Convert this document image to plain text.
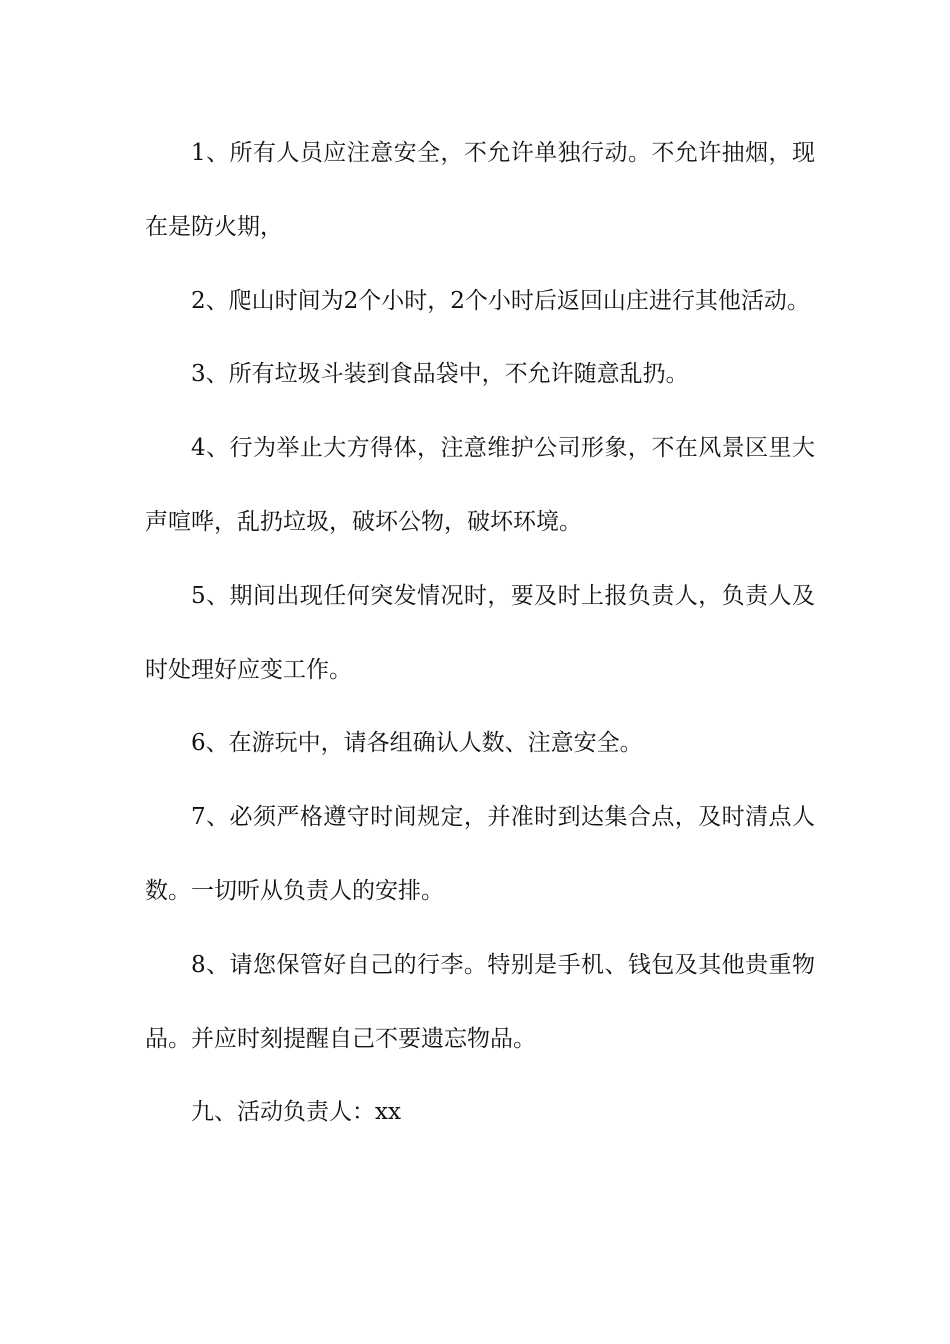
1、所有人员应注意安全，不允许单独行动。不允许抽烟，现在是防火期，

2、爬山时间为2个小时，2个小时后返回山庄进行其他活动。

3、所有垃圾斗装到食品袋中，不允许随意乱扔。

4、行为举止大方得体，注意维护公司形象，不在风景区里大声喧哗，乱扔垃圾，破坏公物，破坏环境。

5、期间出现任何突发情况时，要及时上报负责人，负责人及时处理好应变工作。

6、在游玩中，请各组确认人数、注意安全。

7、必须严格遵守时间规定，并准时到达集合点，及时清点人数。一切听从负责人的安排。

8、请您保管好自己的行李。特别是手机、钱包及其他贵重物品。并应时刻提醒自己不要遗忘物品。

九、活动负责人：xx
